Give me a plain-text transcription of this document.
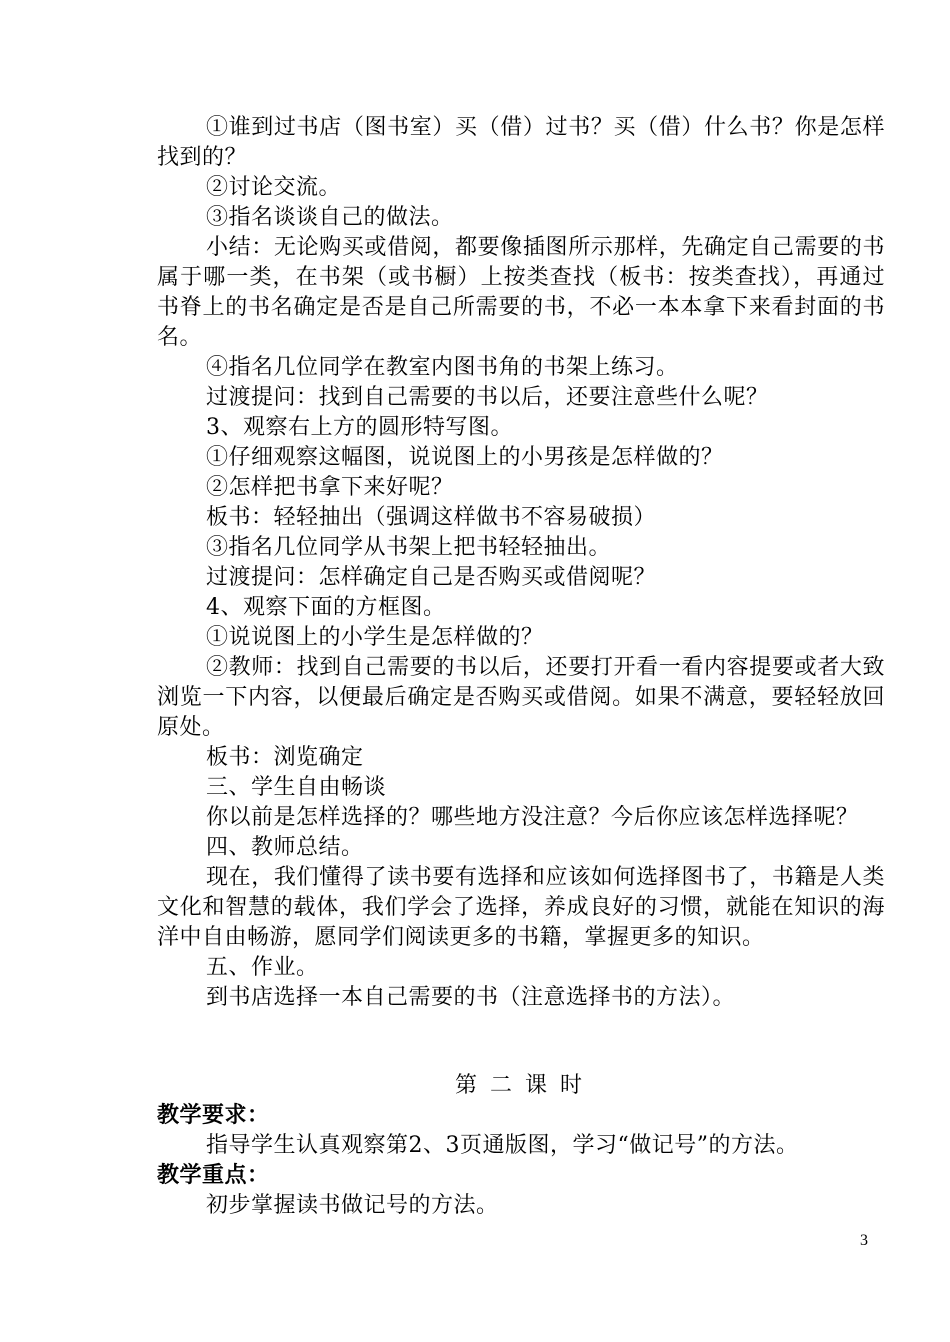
①谁到过书店（图书室）买（借）过书？买（借）什么书？你是怎样找到的？

②讨论交流。

③指名谈谈自己的做法。

小结：无论购买或借阅，都要像插图所示那样，先确定自己需要的书属于哪一类，在书架（或书橱）上按类查找（板书：按类查找），再通过书脊上的书名确定是否是自己所需要的书，不必一本本拿下来看封面的书名。

④指名几位同学在教室内图书角的书架上练习。

过渡提问：找到自己需要的书以后，还要注意些什么呢？

3、观察右上方的圆形特写图。

①仔细观察这幅图，说说图上的小男孩是怎样做的？

②怎样把书拿下来好呢？

板书：轻轻抽出（强调这样做书不容易破损）

③指名几位同学从书架上把书轻轻抽出。

过渡提问：怎样确定自己是否购买或借阅呢？

4、观察下面的方框图。

①说说图上的小学生是怎样做的？

②教师：找到自己需要的书以后，还要打开看一看内容提要或者大致浏览一下内容，以便最后确定是否购买或借阅。如果不满意，要轻轻放回原处。

板书：浏览确定

三、学生自由畅谈

你以前是怎样选择的？哪些地方没注意？今后你应该怎样选择呢？

四、教师总结。

现在，我们懂得了读书要有选择和应该如何选择图书了，书籍是人类文化和智慧的载体，我们学会了选择，养成良好的习惯，就能在知识的海洋中自由畅游，愿同学们阅读更多的书籍，掌握更多的知识。

五、作业。

到书店选择一本自己需要的书（注意选择书的方法）。

第二课时

教学要求：

指导学生认真观察第2、3页通版图，学习“做记号”的方法。

教学重点：

初步掌握读书做记号的方法。

3
